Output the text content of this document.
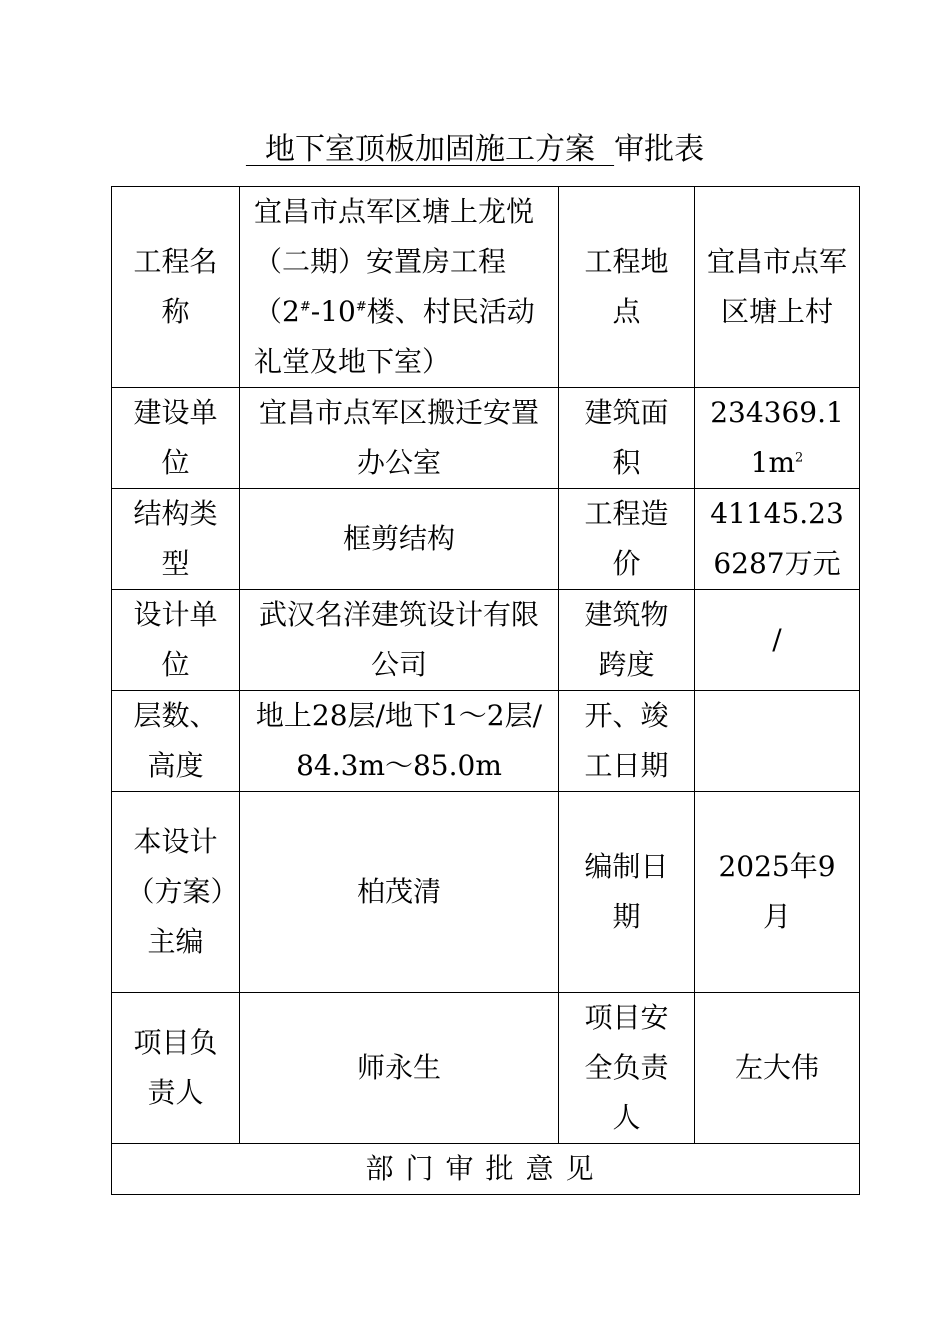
地下室顶板加固施工方案  审批表
工程名称	宜昌市点军区塘上龙悦（二期）安置房工程（2#-10#楼、村民活动礼堂及地下室）	工程地点	宜昌市点军区塘上村
建设单位	宜昌市点军区搬迁安置办公室	建筑面积	$234369.11m^2$
结构类型	框剪结构	工程造价	41145.236287万元
设计单位	武汉名洋建筑设计有限公司	建筑物跨度	/
层数、高度	地上28层/地下1～2层/84.3m～85.0m	开、竣工日期	
本设计（方案）主编	柏茂清	编制日期	2025年9月
项目负责人	师永生	项目安全负责人	左大伟
部门审批意见			
